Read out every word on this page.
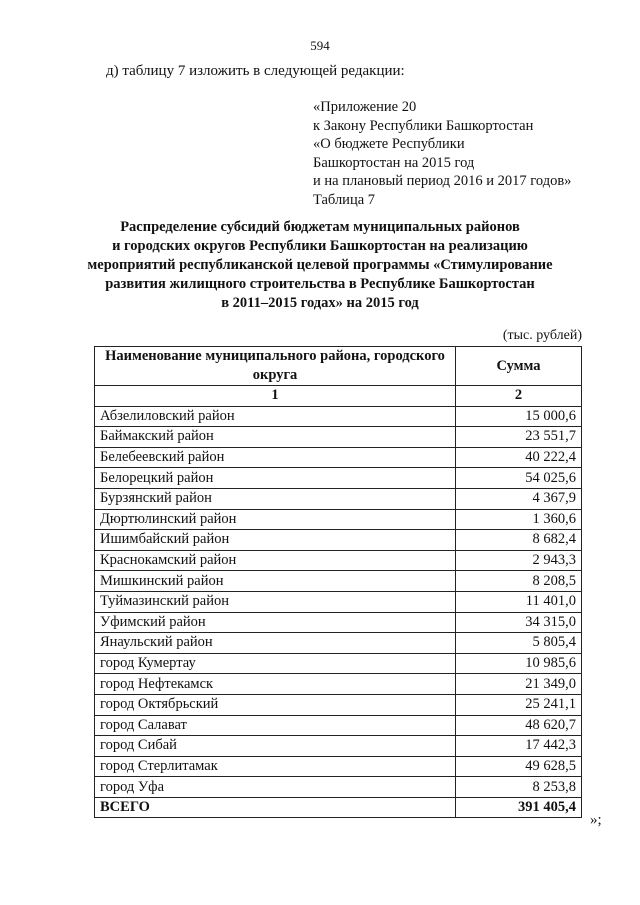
594
д) таблицу 7 изложить в следующей редакции:
«Приложение 20
к Закону Республики Башкортостан
«О бюджете Республики
Башкортостан на 2015 год
и на плановый период 2016 и 2017 годов»
Таблица 7
Распределение субсидий бюджетам муниципальных районов
и городских округов Республики Башкортостан на реализацию
мероприятий республиканской целевой программы «Стимулирование
развития жилищного строительства в Республике Башкортостан
в 2011–2015 годах» на 2015 год
(тыс. рублей)
Наименование муниципального района, городского округа	Сумма
1	2
Абзелиловский район	15 000,6
Баймакский район	23 551,7
Белебеевский район	40 222,4
Белорецкий район	54 025,6
Бурзянский район	4 367,9
Дюртюлинский район	1 360,6
Ишимбайский район	8 682,4
Краснокамский район	2 943,3
Мишкинский район	8 208,5
Туймазинский район	11 401,0
Уфимский район	34 315,0
Янаульский район	5 805,4
город Кумертау	10 985,6
город Нефтекамск	21 349,0
город Октябрьский	25 241,1
город Салават	48 620,7
город Сибай	17 442,3
город Стерлитамак	49 628,5
город Уфа	8 253,8
ВСЕГО	391 405,4
»;
